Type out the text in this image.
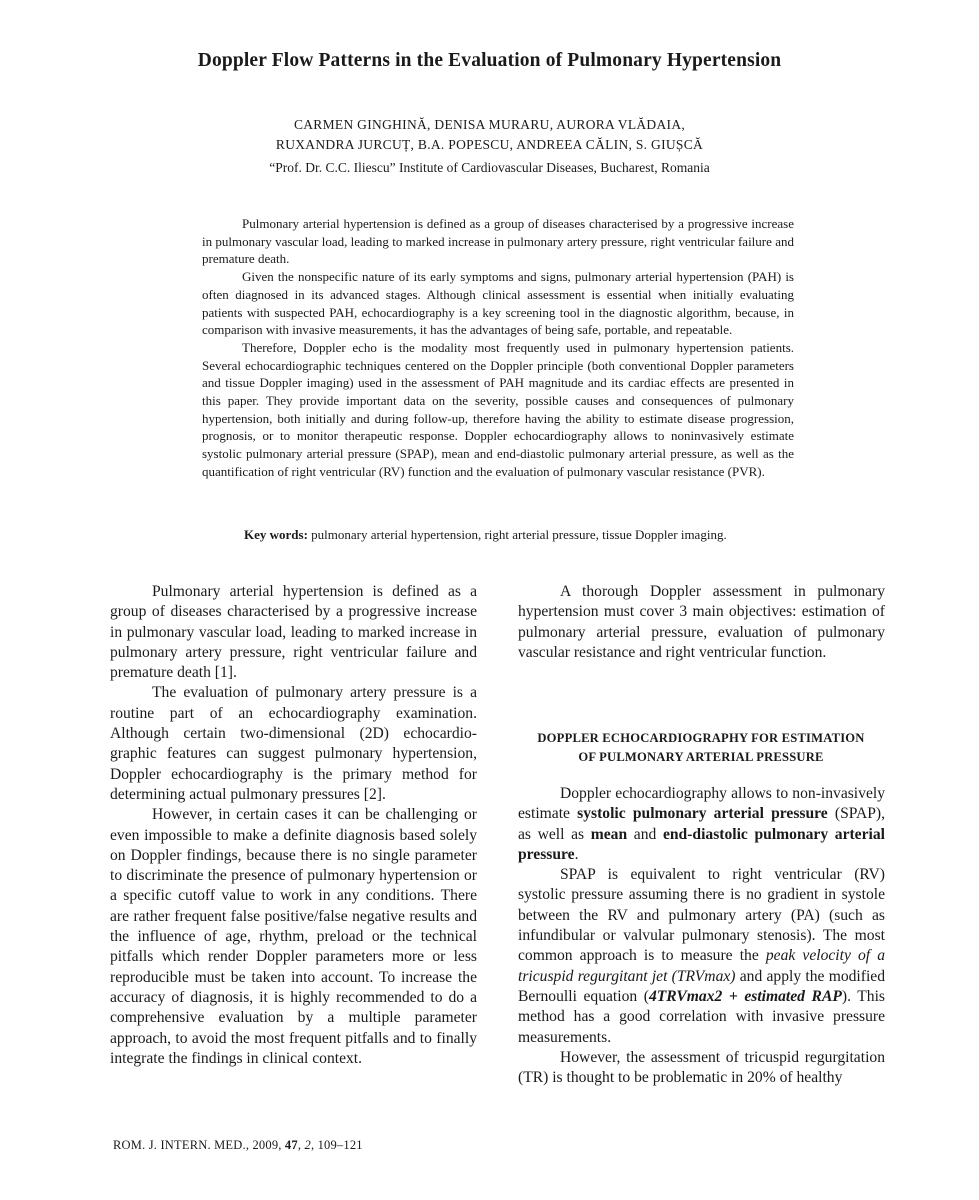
Doppler Flow Patterns in the Evaluation of Pulmonary Hypertension
CARMEN GINGHINĂ, DENISA MURARU, AURORA VLĂDAIA,
RUXANDRA JURCUȚ, B.A. POPESCU, ANDREEA CĂLIN, S. GIUȘCĂ
“Prof. Dr. C.C. Iliescu” Institute of Cardiovascular Diseases, Bucharest, Romania

Pulmonary arterial hypertension is defined as a group of diseases characterised by a progressive increase in pulmonary vascular load, leading to marked increase in pulmonary artery pressure, right ventricular failure and premature death.

Given the nonspecific nature of its early symptoms and signs, pulmonary arterial hypertension (PAH) is often diagnosed in its advanced stages. Although clinical assessment is essential when initially evaluating patients with suspected PAH, echocardiography is a key screening tool in the diagnostic algorithm, because, in comparison with invasive measurements, it has the advantages of being safe, portable, and repeatable.

Therefore, Doppler echo is the modality most frequently used in pulmonary hypertension patients. Several echocardiographic techniques centered on the Doppler principle (both conventional Doppler parameters and tissue Doppler imaging) used in the assessment of PAH magnitude and its cardiac effects are presented in this paper. They provide important data on the severity, possible causes and consequences of pulmonary hypertension, both initially and during follow-up, therefore having the ability to estimate disease progression, prognosis, or to monitor therapeutic response. Doppler echocardiography allows to noninvasively estimate systolic pulmonary arterial pressure (SPAP), mean and end-diastolic pulmonary arterial pressure, as well as the quantification of right ventricular (RV) function and the evaluation of pulmonary vascular resistance (PVR).

Key words: pulmonary arterial hypertension, right arterial pressure, tissue Doppler imaging.

Pulmonary arterial hypertension is defined as a group of diseases characterised by a progressive increase in pulmonary vascular load, leading to marked increase in pulmonary artery pressure, right ventricular failure and premature death [1].

The evaluation of pulmonary artery pressure is a routine part of an echocardiography examination. Although certain two-dimensional (2D) echocardio-graphic features can suggest pulmonary hypertension, Doppler echocardiography is the primary method for determining actual pulmonary pressures [2].

However, in certain cases it can be challenging or even impossible to make a definite diagnosis based solely on Doppler findings, because there is no single parameter to discriminate the presence of pulmonary hypertension or a specific cutoff value to work in any conditions. There are rather frequent false positive/false negative results and the influence of age, rhythm, preload or the technical pitfalls which render Doppler parameters more or less reproducible must be taken into account. To increase the accuracy of diagnosis, it is highly recommended to do a comprehensive evaluation by a multiple parameter approach, to avoid the most frequent pitfalls and to finally integrate the findings in clinical context.

A thorough Doppler assessment in pulmonary hypertension must cover 3 main objectives: estimation of pulmonary arterial pressure, evaluation of pulmonary vascular resistance and right ventricular function.

DOPPLER ECHOCARDIOGRAPHY FOR ESTIMATION
OF PULMONARY ARTERIAL PRESSURE

Doppler echocardiography allows to non-invasively estimate systolic pulmonary arterial pressure (SPAP), as well as mean and end-diastolic pulmonary arterial pressure.

SPAP is equivalent to right ventricular (RV) systolic pressure assuming there is no gradient in systole between the RV and pulmonary artery (PA) (such as infundibular or valvular pulmonary stenosis). The most common approach is to measure the peak velocity of a tricuspid regurgitant jet (TRVmax) and apply the modified Bernoulli equation (4TRVmax2 + estimated RAP). This method has a good correlation with invasive pressure measurements.

However, the assessment of tricuspid regurgitation (TR) is thought to be problematic in 20% of healthy

ROM. J. INTERN. MED., 2009, 47, 2, 109–121
